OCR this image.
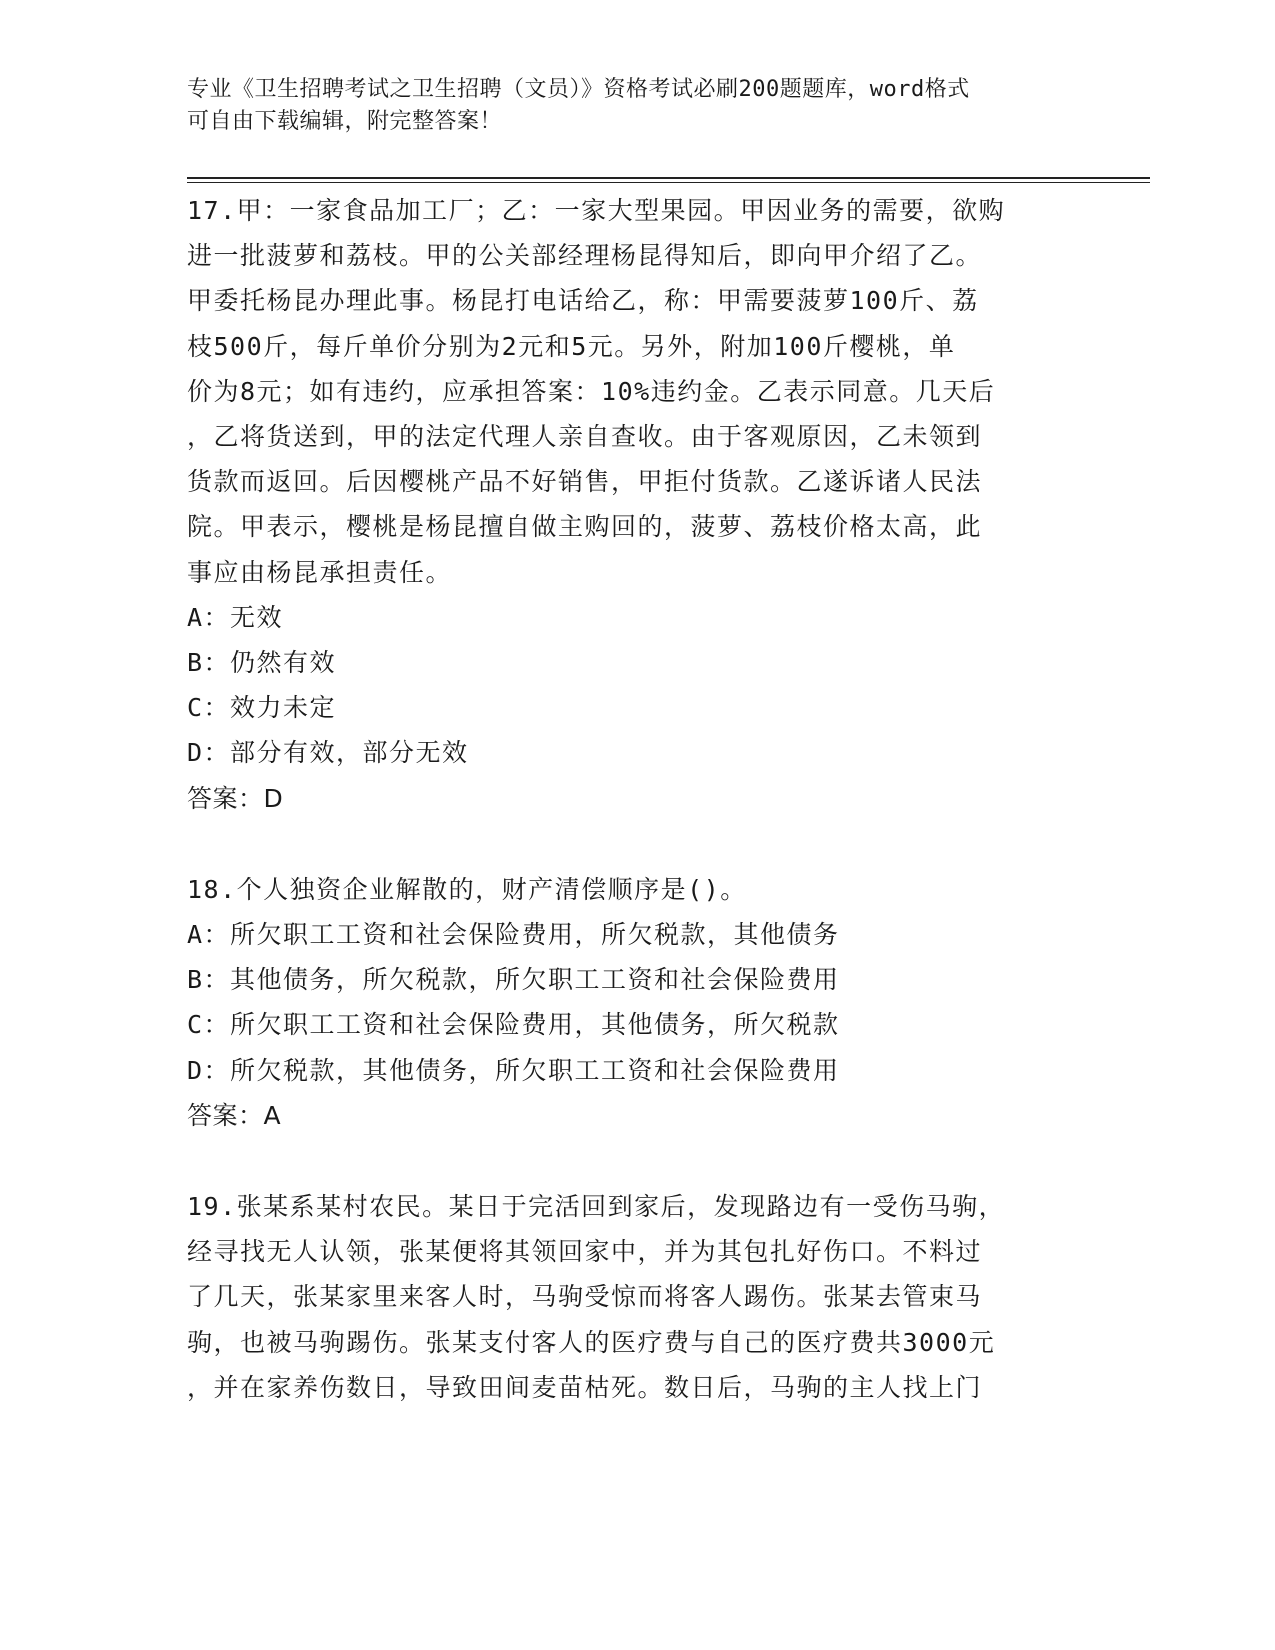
专业《卫生招聘考试之卫生招聘（文员）》资格考试必刷200题题库，word格式
可自由下载编辑，附完整答案！
17.甲：一家食品加工厂；乙：一家大型果园。甲因业务的需要，欲购
进一批菠萝和荔枝。甲的公关部经理杨昆得知后，即向甲介绍了乙。
甲委托杨昆办理此事。杨昆打电话给乙，称：甲需要菠萝100斤、荔
枝500斤，每斤单价分别为2元和5元。另外，附加100斤樱桃，单
价为8元；如有违约，应承担答案：10%违约金。乙表示同意。几天后
，乙将货送到，甲的法定代理人亲自查收。由于客观原因，乙未领到
货款而返回。后因樱桃产品不好销售，甲拒付货款。乙遂诉诸人民法
院。甲表示，樱桃是杨昆擅自做主购回的，菠萝、荔枝价格太高，此
事应由杨昆承担责任。
A：无效
B：仍然有效
C：效力未定
D：部分有效，部分无效
答案：D
18.个人独资企业解散的，财产清偿顺序是()。
A：所欠职工工资和社会保险费用，所欠税款，其他债务
B：其他债务，所欠税款，所欠职工工资和社会保险费用
C：所欠职工工资和社会保险费用，其他债务，所欠税款
D：所欠税款，其他债务，所欠职工工资和社会保险费用
答案：A
19.张某系某村农民。某日于完活回到家后，发现路边有一受伤马驹，
经寻找无人认领，张某便将其领回家中，并为其包扎好伤口。不料过
了几天，张某家里来客人时，马驹受惊而将客人踢伤。张某去管束马
驹，也被马驹踢伤。张某支付客人的医疗费与自己的医疗费共3000元
，并在家养伤数日，导致田间麦苗枯死。数日后，马驹的主人找上门
